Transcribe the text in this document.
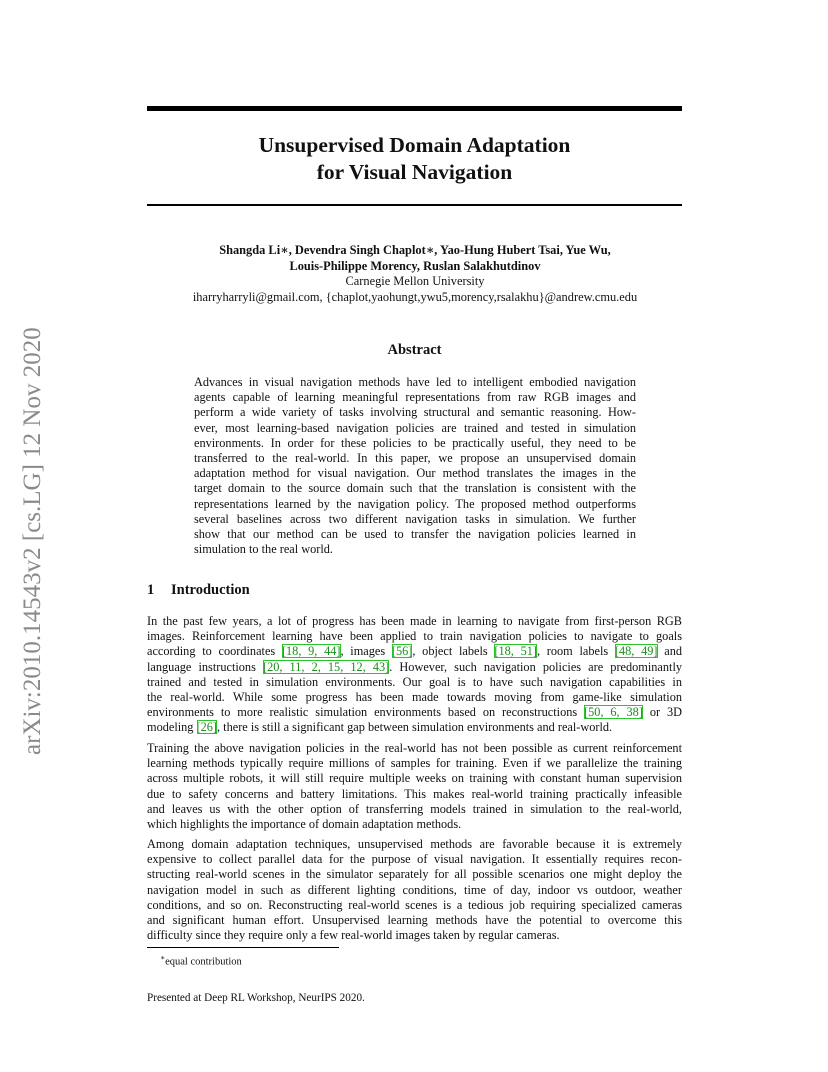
arXiv:2010.14543v2 [cs.LG] 12 Nov 2020
Unsupervised Domain Adaptation
for Visual Navigation
Shangda Li∗, Devendra Singh Chaplot∗, Yao-Hung Hubert Tsai, Yue Wu,
Louis-Philippe Morency, Ruslan Salakhutdinov
Carnegie Mellon University
iharryharryli@gmail.com, {chaplot,yaohungt,ywu5,morency,rsalakhu}@andrew.cmu.edu
Abstract
Advances in visual navigation methods have led to intelligent embodied navigation
agents capable of learning meaningful representations from raw RGB images and
perform a wide variety of tasks involving structural and semantic reasoning. How-
ever, most learning-based navigation policies are trained and tested in simulation
environments. In order for these policies to be practically useful, they need to be
transferred to the real-world. In this paper, we propose an unsupervised domain
adaptation method for visual navigation. Our method translates the images in the
target domain to the source domain such that the translation is consistent with the
representations learned by the navigation policy. The proposed method outperforms
several baselines across two different navigation tasks in simulation. We further
show that our method can be used to transfer the navigation policies learned in
simulation to the real world.
1 Introduction
In the past few years, a lot of progress has been made in learning to navigate from first-person RGB
images. Reinforcement learning have been applied to train navigation policies to navigate to goals
according to coordinates [18, 9, 44], images [56], object labels [18, 51], room labels [48, 49] and
language instructions [20, 11, 2, 15, 12, 43]. However, such navigation policies are predominantly
trained and tested in simulation environments. Our goal is to have such navigation capabilities in
the real-world. While some progress has been made towards moving from game-like simulation
environments to more realistic simulation environments based on reconstructions [50, 6, 38] or 3D
modeling [26], there is still a significant gap between simulation environments and real-world.
Training the above navigation policies in the real-world has not been possible as current reinforcement
learning methods typically require millions of samples for training. Even if we parallelize the training
across multiple robots, it will still require multiple weeks on training with constant human supervision
due to safety concerns and battery limitations. This makes real-world training practically infeasible
and leaves us with the other option of transferring models trained in simulation to the real-world,
which highlights the importance of domain adaptation methods.
Among domain adaptation techniques, unsupervised methods are favorable because it is extremely
expensive to collect parallel data for the purpose of visual navigation. It essentially requires recon-
structing real-world scenes in the simulator separately for all possible scenarios one might deploy the
navigation model in such as different lighting conditions, time of day, indoor vs outdoor, weather
conditions, and so on. Reconstructing real-world scenes is a tedious job requiring specialized cameras
and significant human effort. Unsupervised learning methods have the potential to overcome this
difficulty since they require only a few real-world images taken by regular cameras.
∗equal contribution
Presented at Deep RL Workshop, NeurIPS 2020.
